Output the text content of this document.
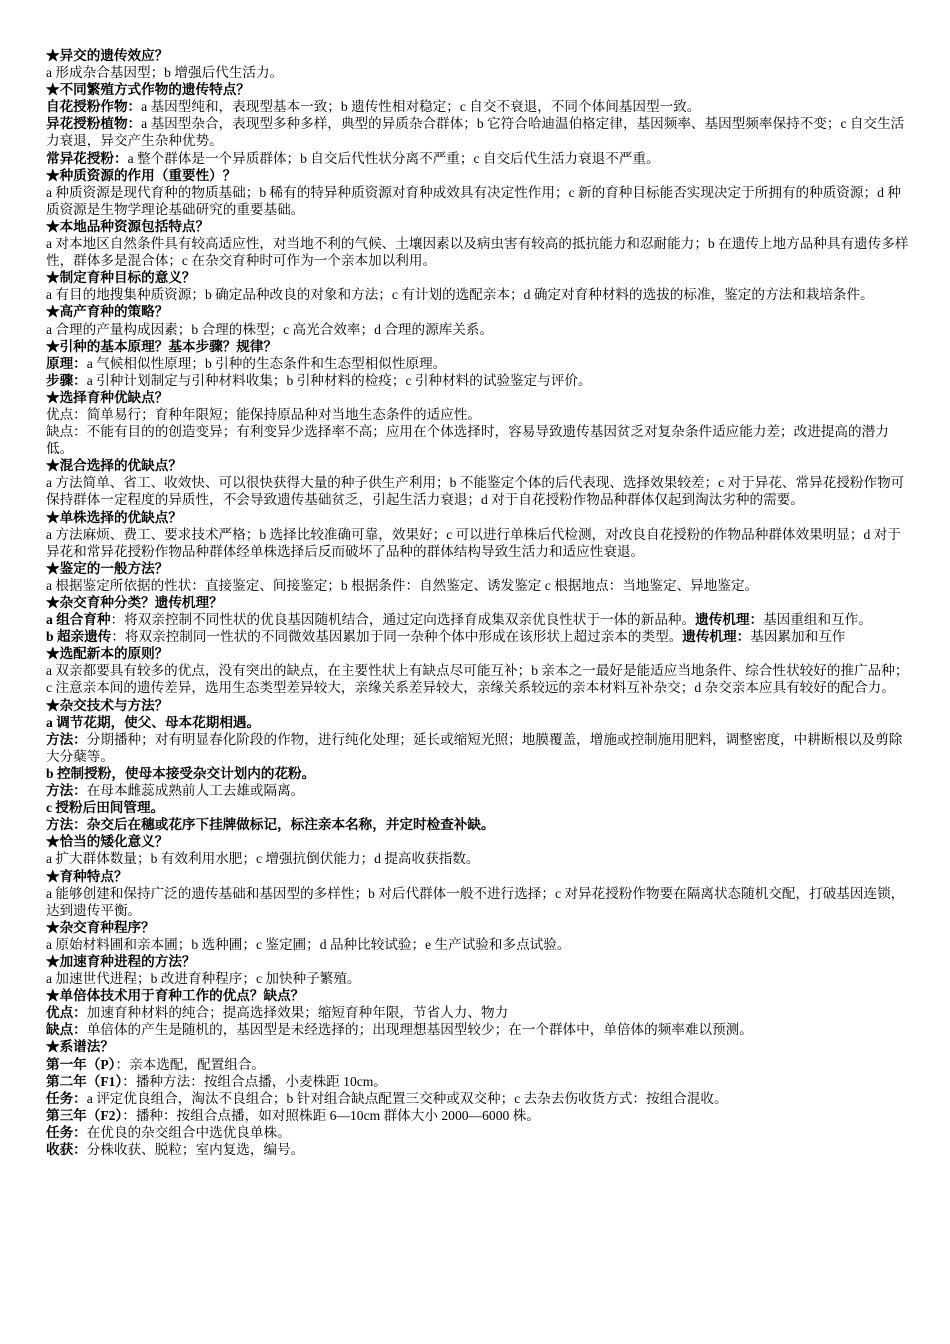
★异交的遗传效应？
a 形成杂合基因型；b 增强后代生活力。
★不同繁殖方式作物的遗传特点？
自花授粉作物：a 基因型纯和，表现型基本一致；b 遗传性相对稳定；c 自交不衰退，不同个体间基因型一致。
异花授粉植物：a 基因型杂合，表现型多种多样，典型的异质杂合群体；b 它符合哈迪温伯格定律，基因频率、基因型频率保持不变；c 自交生活力衰退，异交产生杂种优势。
常异花授粉：a 整个群体是一个异质群体；b 自交后代性状分离不严重；c 自交后代生活力衰退不严重。
★种质资源的作用（重要性）？
a 种质资源是现代育种的物质基础；b 稀有的特异种质资源对育种成效具有决定性作用；c 新的育种目标能否实现决定于所拥有的种质资源；d 种质资源是生物学理论基础研究的重要基础。
★本地品种资源包括特点？
a 对本地区自然条件具有较高适应性，对当地不利的气候、土壤因素以及病虫害有较高的抵抗能力和忍耐能力；b 在遗传上地方品种具有遗传多样性，群体多是混合体；c 在杂交育种时可作为一个亲本加以利用。
★制定育种目标的意义？
a 有目的地搜集种质资源；b 确定品种改良的对象和方法；c 有计划的选配亲本；d 确定对育种材料的选拔的标准，鉴定的方法和栽培条件。
★高产育种的策略？
a 合理的产量构成因素；b 合理的株型；c 高光合效率；d 合理的源库关系。
★引种的基本原理？基本步骤？规律？
原理：a 气候相似性原理；b 引种的生态条件和生态型相似性原理。
步骤：a 引种计划制定与引种材料收集；b 引种材料的检疫；c 引种材料的试验鉴定与评价。
★选择育种优缺点？
优点：简单易行；育种年限短；能保持原品种对当地生态条件的适应性。
缺点：不能有目的的创造变异；有利变异少选择率不高；应用在个体选择时，容易导致遗传基因贫乏对复杂条件适应能力差；改进提高的潜力低。
★混合选择的优缺点？
a 方法简单、省工、收效快、可以很快获得大量的种子供生产利用；b 不能鉴定个体的后代表现、选择效果较差；c 对于异花、常异花授粉作物可保持群体一定程度的异质性，不会导致遗传基础贫乏，引起生活力衰退；d 对于自花授粉作物品种群体仅起到淘汰劣种的需要。
★单株选择的优缺点？
a 方法麻烦、费工、要求技术严格；b 选择比较准确可靠，效果好；c 可以进行单株后代检测，对改良自花授粉的作物品种群体效果明显；d 对于异花和常异花授粉作物品种群体经单株选择后反而破坏了品种的群体结构导致生活力和适应性衰退。
★鉴定的一般方法？
a 根据鉴定所依据的性状：直接鉴定、间接鉴定；b 根据条件：自然鉴定、诱发鉴定 c 根据地点：当地鉴定、异地鉴定。
★杂交育种分类？遗传机理？
a 组合育种：将双亲控制不同性状的优良基因随机结合，通过定向选择育成集双亲优良性状于一体的新品种。遗传机理：基因重组和互作。
b 超亲遗传：将双亲控制同一性状的不同微效基因累加于同一杂种个体中形成在该形状上超过亲本的类型。遗传机理：基因累加和互作
★选配新本的原则？
a 双亲都要具有较多的优点，没有突出的缺点，在主要性状上有缺点尽可能互补；b 亲本之一最好是能适应当地条件、综合性状较好的推广品种；c 注意亲本间的遗传差异，选用生态类型差异较大，亲缘关系差异较大，亲缘关系较远的亲本材料互补杂交；d 杂交亲本应具有较好的配合力。
★杂交技术与方法？
a 调节花期，使父、母本花期相遇。
方法：分期播种；对有明显春化阶段的作物，进行纯化处理；延长或缩短光照；地膜覆盖，增施或控制施用肥料，调整密度，中耕断根以及剪除大分蘖等。
b 控制授粉，使母本接受杂交计划内的花粉。
方法：在母本雌蕊成熟前人工去雄或隔离。
c 授粉后田间管理。
方法：杂交后在穗或花序下挂牌做标记，标注亲本名称，并定时检查补缺。
★恰当的矮化意义？
a 扩大群体数量；b 有效利用水肥；c 增强抗倒伏能力；d 提高收获指数。
★育种特点？
a 能够创建和保持广泛的遗传基础和基因型的多样性；b 对后代群体一般不进行选择；c 对异花授粉作物要在隔离状态随机交配，打破基因连锁，达到遗传平衡。
★杂交育种程序？
a 原始材料圃和亲本圃；b 选种圃；c 鉴定圃；d 品种比较试验；e 生产试验和多点试验。
★加速育种进程的方法？
a 加速世代进程；b 改进育种程序；c 加快种子繁殖。
★单倍体技术用于育种工作的优点？缺点？
优点：加速育种材料的纯合；提高选择效果；缩短育种年限，节省人力、物力
缺点：单倍体的产生是随机的，基因型是未经选择的；出现理想基因型较少；在一个群体中，单倍体的频率难以预测。
★系谱法？
第一年（P）：亲本选配，配置组合。
第二年（F1）：播种方法：按组合点播，小麦株距 10cm。
任务：a 评定优良组合，淘汰不良组合；b 针对组合缺点配置三交种或双交种；c 去杂去伤收货方式：按组合混收。
第三年（F2）：播种：按组合点播，如对照株距 6—10cm 群体大小 2000—6000 株。
任务：在优良的杂交组合中选优良单株。
收获：分株收获、脱粒；室内复选，编号。
